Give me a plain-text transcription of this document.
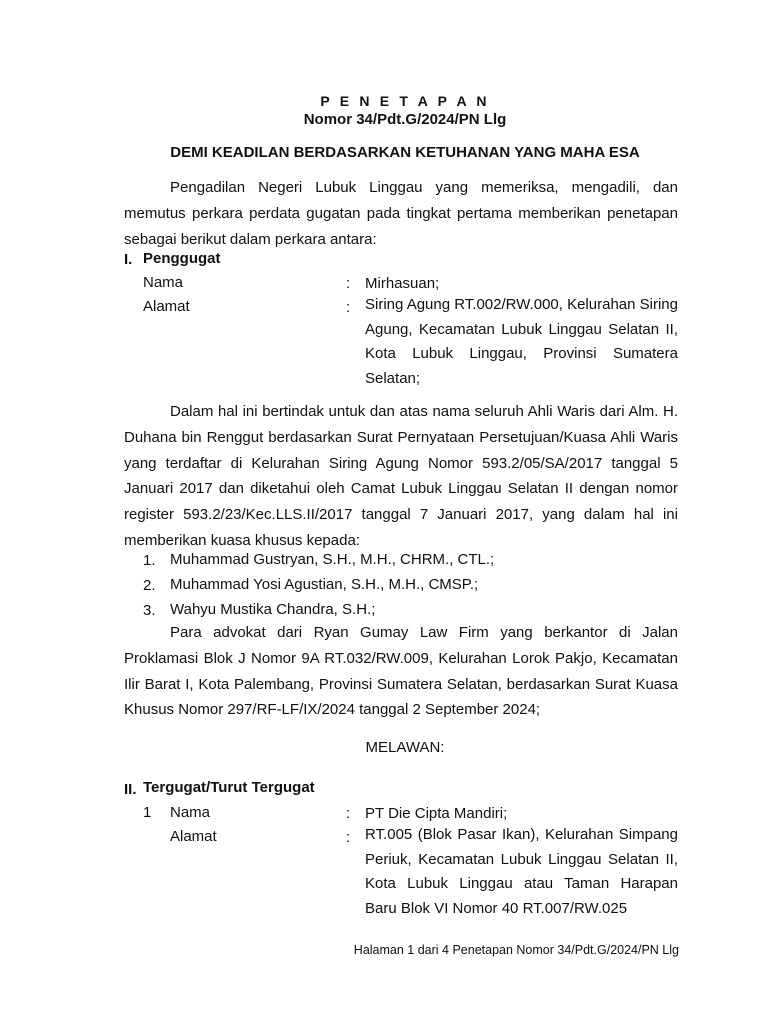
P E N E T A P A N
Nomor 34/Pdt.G/2024/PN Llg
DEMI KEADILAN BERDASARKAN KETUHANAN YANG MAHA ESA
Pengadilan Negeri Lubuk Linggau yang memeriksa, mengadili, dan memutus perkara perdata gugatan pada tingkat pertama memberikan penetapan sebagai berikut dalam perkara antara:
I. Penggugat
Nama	: Mirhasuan;
Alamat	: Siring Agung RT.002/RW.000, Kelurahan Siring Agung, Kecamatan Lubuk Linggau Selatan II, Kota Lubuk Linggau, Provinsi Sumatera Selatan;
Dalam hal ini bertindak untuk dan atas nama seluruh Ahli Waris dari Alm. H. Duhana bin Renggut berdasarkan Surat Pernyataan Persetujuan/Kuasa Ahli Waris yang terdaftar di Kelurahan Siring Agung Nomor 593.2/05/SA/2017 tanggal 5 Januari 2017 dan diketahui oleh Camat Lubuk Linggau Selatan II dengan nomor register 593.2/23/Kec.LLS.II/2017 tanggal 7 Januari 2017, yang dalam hal ini memberikan kuasa khusus kepada:
1. Muhammad Gustryan, S.H., M.H., CHRM., CTL.;
2. Muhammad Yosi Agustian, S.H., M.H., CMSP.;
3. Wahyu Mustika Chandra, S.H.;
Para advokat dari Ryan Gumay Law Firm yang berkantor di Jalan Proklamasi Blok J Nomor 9A RT.032/RW.009, Kelurahan Lorok Pakjo, Kecamatan Ilir Barat I, Kota Palembang, Provinsi Sumatera Selatan, berdasarkan Surat Kuasa Khusus Nomor 297/RF-LF/IX/2024 tanggal 2 September 2024;
MELAWAN:
II. Tergugat/Turut Tergugat
1 Nama	: PT Die Cipta Mandiri;
Alamat	: RT.005 (Blok Pasar Ikan), Kelurahan Simpang Periuk, Kecamatan Lubuk Linggau Selatan II, Kota Lubuk Linggau atau Taman Harapan Baru Blok VI Nomor 40 RT.007/RW.025
Halaman 1 dari 4 Penetapan Nomor 34/Pdt.G/2024/PN Llg
